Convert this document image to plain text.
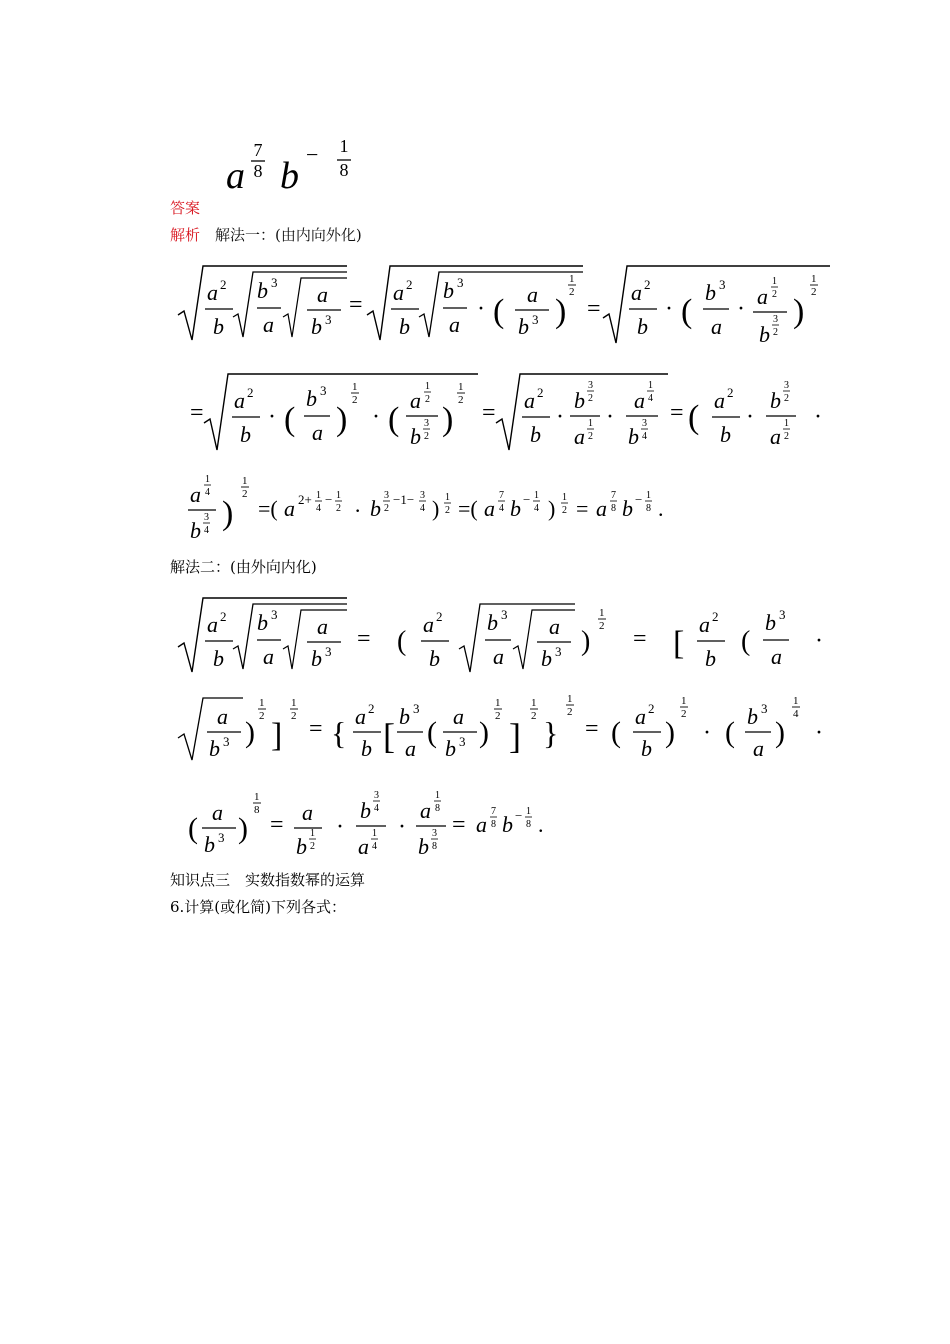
a
7
8 b
− 1
8
答案
解析　 解法一：(由内向外化)
a 2
b
b 3
a
a
b 3
= a 2
b
b 3
a
· ( a
b 3 )
1
2
=
a 2
b
· (
b 3
a
· a
1
2
b
3
2
)
1
2
= a 2
b
· (
b 3
a )
1
2
· (
a
1
2
b
3
2 )
1
2 = a 2
b
·
b
3
2
a
1
2
·
a
1
4
b
3
4
= ( a 2
b
·
b
3
2
a
1
2
·
a
1
4
b
3
4 )
1
2
=( a 2+ 1
4
− 1
2 · b
3
2
−1− 3
4 ) 1
2 =( a
7
4 b − 1
4 ) 1
2 = a
7
8 b − 1
8 .
解法二：(由外向内化)
a 2
b
b 3
a
a
b 3 = (
a 2
b
b 3
a
a
b 3 )
1
2 = [
a 2
b
(
b 3
a
·
a
b 3 )
1
2
]
1
2 = { a 2
b [ b 3
a ( a
b 3 )
1
2 ]
1
2 }
1
2
= ( a 2
b )
1
2
· ( b 3
a )
1
4
·
( a
b 3 )
1
8
= a
b
1
2
·
b
3
4
a
1
4
·
a
1
8
b
3
8
= a
7
8 b − 1
8 .
知识点三　实数指数幂的运算
6.计算(或化简)下列各式：
